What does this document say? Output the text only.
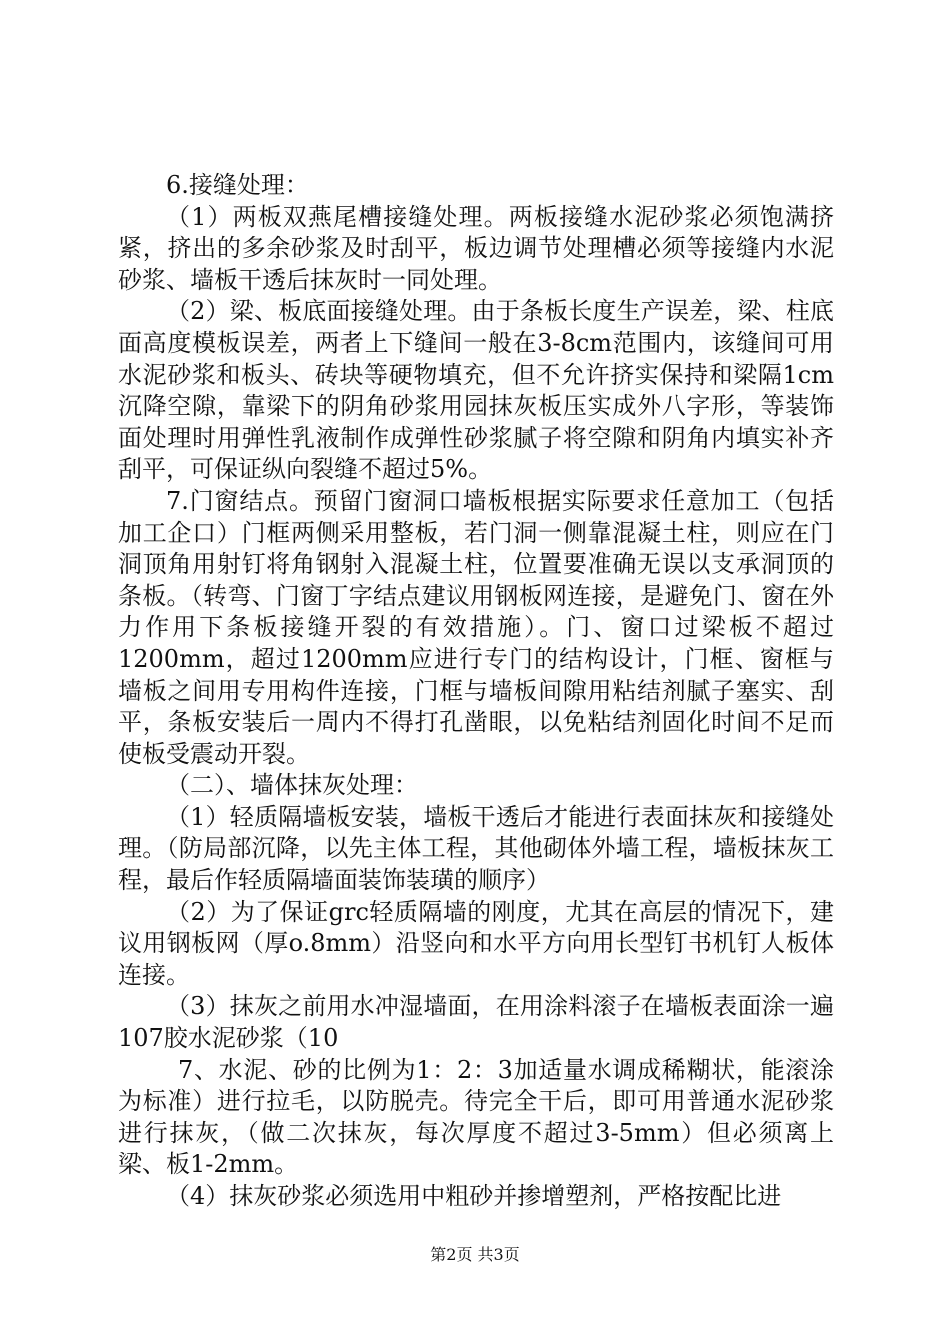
6.接缝处理：

（1）两板双燕尾槽接缝处理。两板接缝水泥砂浆必须饱满挤紧，挤出的多余砂浆及时刮平，板边调节处理槽必须等接缝内水泥砂浆、墙板干透后抹灰时一同处理。

（2）梁、板底面接缝处理。由于条板长度生产误差，梁、柱底面高度模板误差，两者上下缝间一般在3-8cm范围内，该缝间可用水泥砂浆和板头、砖块等硬物填充，但不允许挤实保持和梁隔1cm沉降空隙，靠梁下的阴角砂浆用园抹灰板压实成外八字形，等装饰面处理时用弹性乳液制作成弹性砂浆腻子将空隙和阴角内填实补齐刮平，可保证纵向裂缝不超过5%。

7.门窗结点。预留门窗洞口墙板根据实际要求任意加工（包括加工企口）门框两侧采用整板，若门洞一侧靠混凝土柱，则应在门洞顶角用射钉将角钢射入混凝土柱，位置要准确无误以支承洞顶的条板。（转弯、门窗丁字结点建议用钢板网连接，是避免门、窗在外力作用下条板接缝开裂的有效措施）。门、窗口过梁板不超过1200mm，超过1200mm应进行专门的结构设计，门框、窗框与墙板之间用专用构件连接，门框与墙板间隙用粘结剂腻子塞实、刮平，条板安装后一周内不得打孔凿眼，以免粘结剂固化时间不足而使板受震动开裂。

（二）、墙体抹灰处理：

（1）轻质隔墙板安装，墙板干透后才能进行表面抹灰和接缝处理。（防局部沉降，以先主体工程，其他砌体外墙工程，墙板抹灰工程，最后作轻质隔墙面装饰装璜的顺序）

（2）为了保证grc轻质隔墙的刚度，尤其在高层的情况下，建议用钢板网（厚o.8mm）沿竖向和水平方向用长型钉书机钉人板体连接。

（3）抹灰之前用水冲湿墙面，在用涂料滚子在墙板表面涂一遍107胶水泥砂浆（10

7、水泥、砂的比例为1：2：3加适量水调成稀糊状，能滚涂为标准）进行拉毛，以防脱壳。待完全干后，即可用普通水泥砂浆进行抹灰，（做二次抹灰，每次厚度不超过3-5mm）但必须离上梁、板1-2mm。

（4）抹灰砂浆必须选用中粗砂并掺增塑剂，严格按配比进

第2页 共3页
